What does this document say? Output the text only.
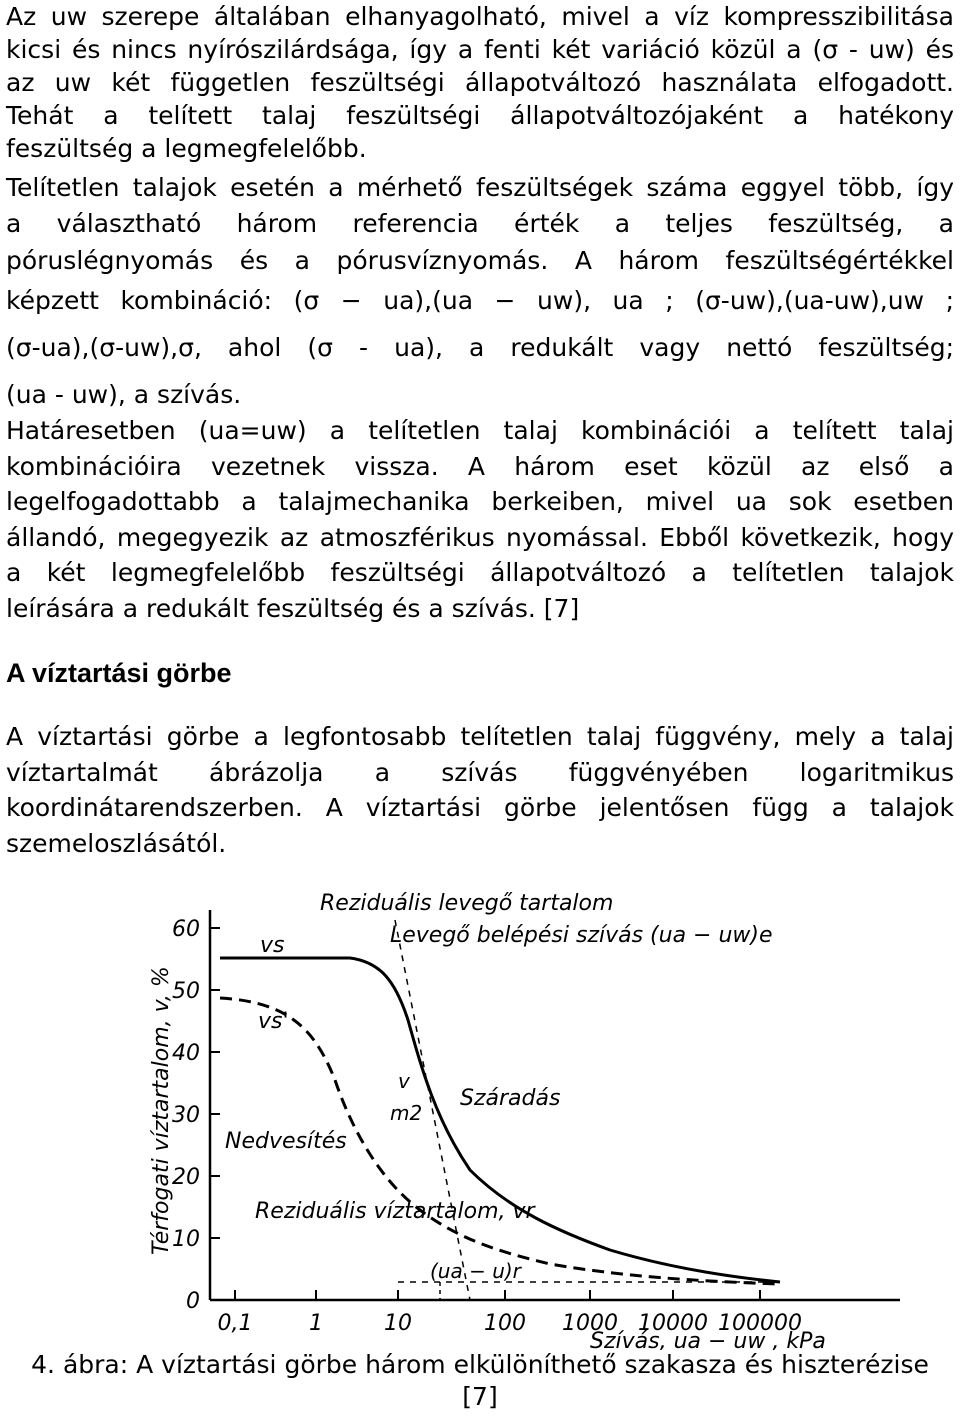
Az uw szerepe általában elhanyagolható, mivel a víz kompresszibilitása
kicsi és nincs nyírószilárdsága, így a fenti két variáció közül a (σ - uw) és
az uw két független feszültségi állapotváltozó használata elfogadott.
Tehát a telített talaj feszültségi állapotváltozójaként a hatékony
feszültség a legmegfelelőbb.
Telítetlen talajok esetén a mérhető feszültségek száma eggyel több, így
a választható három referencia érték a teljes feszültség, a
póruslégnyomás és a pórusvíznyomás. A három feszültségértékkel
képzett kombináció: (σ − ua),(ua − uw), ua ; (σ-uw),(ua-uw),uw ;
(σ-ua),(σ-uw),σ, ahol (σ - ua), a redukált vagy nettó feszültség;
(ua - uw), a szívás.
Határesetben (ua=uw) a telítetlen talaj kombinációi a telített talaj
kombinációira vezetnek vissza. A három eset közül az első a
legelfogadottabb a talajmechanika berkeiben, mivel ua sok esetben
állandó, megegyezik az atmoszférikus nyomással. Ebből következik, hogy
a két legmegfelelőbb feszültségi állapotváltozó a telítetlen talajok
leírására a redukált feszültség és a szívás. [7]
A víztartási görbe
A víztartási görbe a legfontosabb telítetlen talaj függvény, mely a talaj
víztartalmát ábrázolja a szívás függvényében logaritmikus
koordinátarendszerben. A víztartási görbe jelentősen függ a talajok
szemeloszlásától.
60
50
40
30
20
10
0
0,1	1	10	100 1000 10000 100000
Térfogati víztartalom, v, %
Reziduális levegő tartalom
Levegő belépési szívás (ua − uw)e
vs
vs'
v
m2
Száradás
Nedvesítés
Reziduális víztartalom, vr
(ua − u)r
Szívás, ua − uw , kPa
4. ábra: A víztartási görbe három elkülöníthető szakasza és hiszterézise
[7]
